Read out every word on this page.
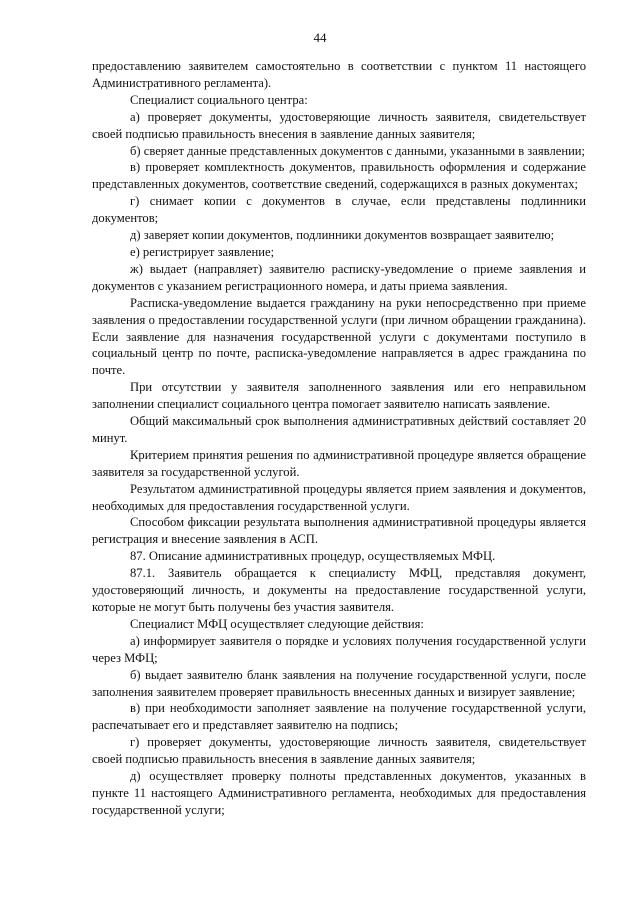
44

предоставлению заявителем самостоятельно в соответствии с пунктом 11 настоящего Административного регламента).

Специалист социального центра:

а) проверяет документы, удостоверяющие личность заявителя, свидетельствует своей подписью правильность внесения в заявление данных заявителя;

б) сверяет данные представленных документов с данными, указанными в заявлении;

в) проверяет комплектность документов, правильность оформления и содержание представленных документов, соответствие сведений, содержащихся в разных документах;

г) снимает копии с документов в случае, если представлены подлинники документов;

д) заверяет копии документов, подлинники документов возвращает заявителю;

е) регистрирует заявление;

ж) выдает (направляет) заявителю расписку-уведомление о приеме заявления и документов с указанием регистрационного номера, и даты приема заявления.

Расписка-уведомление выдается гражданину на руки непосредственно при приеме заявления о предоставлении государственной услуги (при личном обращении гражданина). Если заявление для назначения государственной услуги с документами поступило в социальный центр по почте, расписка-уведомление направляется в адрес гражданина по почте.

При отсутствии у заявителя заполненного заявления или его неправильном заполнении специалист социального центра помогает заявителю написать заявление.

Общий максимальный срок выполнения административных действий составляет 20 минут.

Критерием принятия решения по административной процедуре является обращение заявителя за государственной услугой.

Результатом административной процедуры является прием заявления и документов, необходимых для предоставления государственной услуги.

Способом фиксации результата выполнения административной процедуры является регистрация и внесение заявления в АСП.

87. Описание административных процедур, осуществляемых МФЦ.

87.1. Заявитель обращается к специалисту МФЦ, представляя документ, удостоверяющий личность, и документы на предоставление государственной услуги, которые не могут быть получены без участия заявителя.

Специалист МФЦ осуществляет следующие действия:

а) информирует заявителя о порядке и условиях получения государственной услуги через МФЦ;

б) выдает заявителю бланк заявления на получение государственной услуги, после заполнения заявителем проверяет правильность внесенных данных и визирует заявление;

в) при необходимости заполняет заявление на получение государственной услуги, распечатывает его и представляет заявителю на подпись;

г) проверяет документы, удостоверяющие личность заявителя, свидетельствует своей подписью правильность внесения в заявление данных заявителя;

д) осуществляет проверку полноты представленных документов, указанных в пункте 11 настоящего Административного регламента, необходимых для предоставления государственной услуги;
